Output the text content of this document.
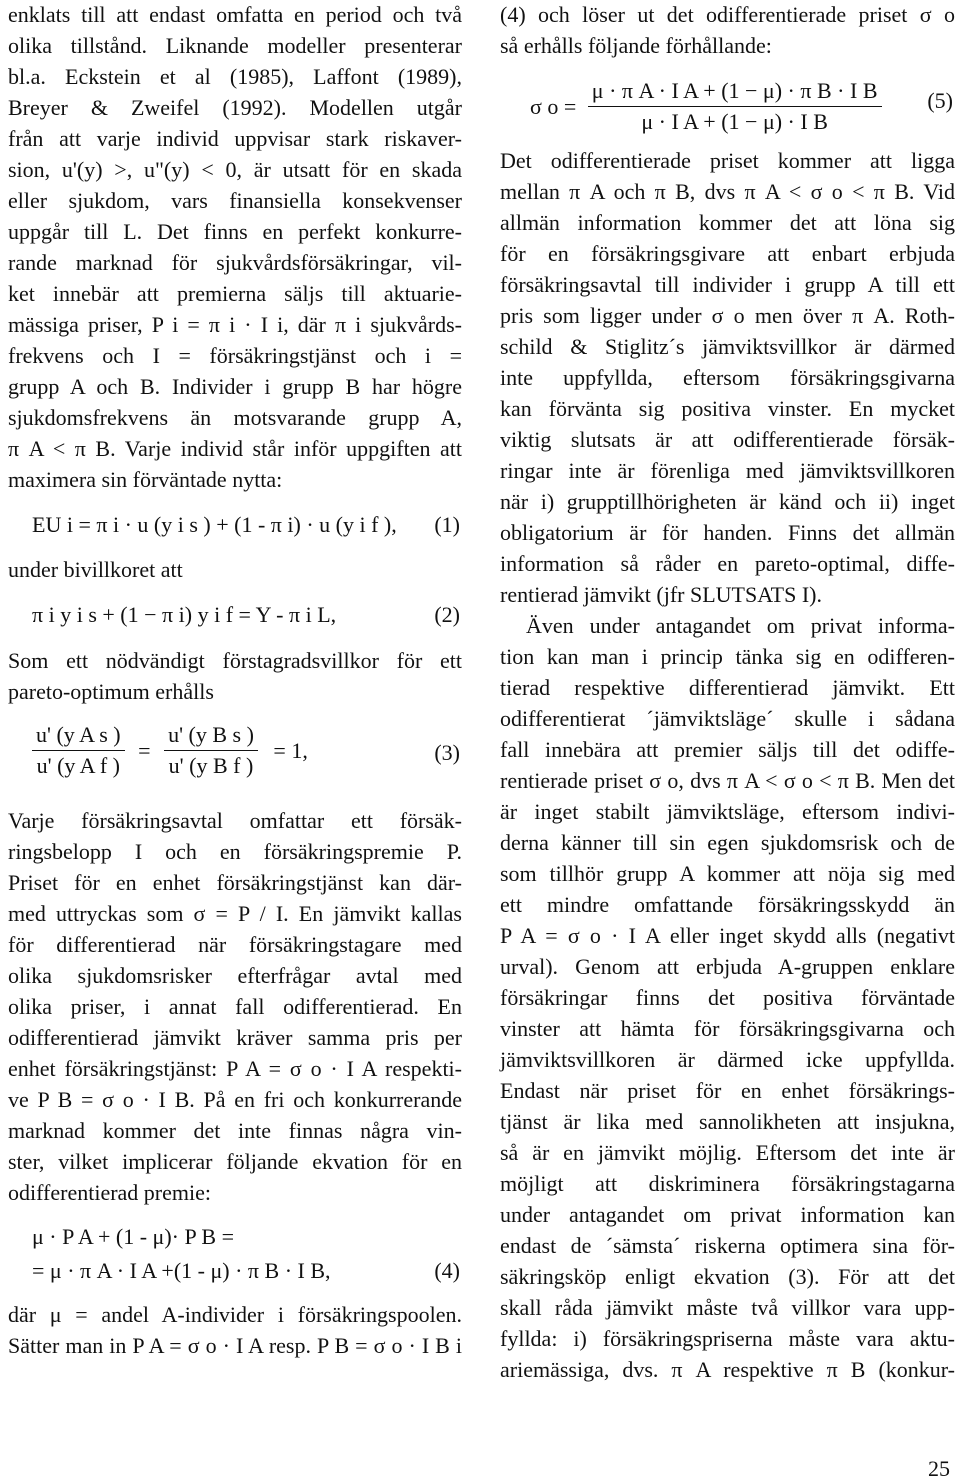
enklats till att endast omfatta en period och två
olika tillstånd. Liknande modeller presenterar
bl.a. Eckstein et al (1985), Laffont (1989),
Breyer & Zweifel (1992). Modellen utgår
från att varje individ uppvisar stark riskaver-
sion, u'(y) >, u"(y) < 0, är utsatt för en skada
eller sjukdom, vars finansiella konsekvenser
uppgår till L. Det finns en perfekt konkurre-
rande marknad för sjukvårdsförsäkringar, vil-
ket innebär att premierna säljs till aktuarie-
mässiga priser, P i = π i · I i, där π i sjukvårds-
frekvens och I = försäkringstjänst och i =
grupp A och B. Individer i grupp B har högre
sjukdomsfrekvens än motsvarande grupp A,
π A < π B. Varje individ står inför uppgiften att
maximera sin förväntade nytta:
EU i = π i · u (y i s ) + (1 - π i) · u (y i f ), (1)
under bivillkoret att
π i y i s + (1 − π i) y i f = Y - π i L,	(2)
Som ett nödvändigt förstagradsvillkor för ett
pareto-optimum erhålls
$\frac{\text{u' (y A s )}}{\text{u' (y A f )}} = \frac{\text{u' (y B s )}}{\text{u' (y B f )}} = 1$,	(3)
Varje försäkringsavtal omfattar ett försäk-
ringsbelopp I och en försäkringspremie P.
Priset för en enhet försäkringstjänst kan där-
med uttryckas som σ = P / I. En jämvikt kallas
för differentierad när försäkringstagare med
olika sjukdomsrisker efterfrågar avtal med
olika priser, i annat fall odifferentierad. En
odifferentierad jämvikt kräver samma pris per
enhet försäkringstjänst: P A = σ o · I A respekti-
ve P B = σ o · I B. På en fri och konkurrerande
marknad kommer det inte finnas några vin-
ster, vilket implicerar följande ekvation för en
odifferentierad premie:
μ · P A + (1 - μ)· P B =
= μ · π A · I A +(1 - μ) · π B · I B,	(4)
där μ = andel A-individer i försäkringspoolen.
Sätter man in P A = σ o · I A resp. P B = σ o · I B i
(4) och löser ut det odifferentierade priset σ o
så erhålls följande förhållande:
σ $o = \frac{\text{μ · π A · I A + (1 − μ) · π B · I B}}{\text{μ · I A + (1 − μ) · I B}} (5)$
Det odifferentierade priset kommer att ligga
mellan π A och π B, dvs π A < σ o < π B. Vid
allmän information kommer det att löna sig
för en försäkringsgivare att enbart erbjuda
försäkringsavtal till individer i grupp A till ett
pris som ligger under σ o men över π A. Roth-
schild & Stiglitz´s jämviktsvillkor är därmed
inte uppfyllda, eftersom försäkringsgivarna
kan förvänta sig positiva vinster. En mycket
viktig slutsats är att odifferentierade försäk-
ringar inte är förenliga med jämviktsvillkoren
när i) grupptillhörigheten är känd och ii) inget
obligatorium är för handen. Finns det allmän
information så råder en pareto-optimal, diffe-
rentierad jämvikt (jfr SLUTSATS I).
Även under antagandet om privat informa-
tion kan man i princip tänka sig en odifferen-
tierad respektive differentierad jämvikt. Ett
odifferentierat ´jämviktsläge´ skulle i sådana
fall innebära att premier säljs till det odiffe-
rentierade priset σ o, dvs π A < σ o < π B. Men det
är inget stabilt jämviktsläge, eftersom indivi-
derna känner till sin egen sjukdomsrisk och de
som tillhör grupp A kommer att nöja sig med
ett mindre omfattande försäkringsskydd än
P A = σ o · I A eller inget skydd alls (negativt
urval). Genom att erbjuda A-gruppen enklare
försäkringar finns det positiva förväntade
vinster att hämta för försäkringsgivarna och
jämviktsvillkoren är därmed icke uppfyllda.
Endast när priset för en enhet försäkrings-
tjänst är lika med sannolikheten att insjukna,
så är en jämvikt möjlig. Eftersom det inte är
möjligt att diskriminera försäkringstagarna
under antagandet om privat information kan
endast de ´sämsta´ riskerna optimera sina för-
säkringsköp enligt ekvation (3). För att det
skall råda jämvikt måste två villkor vara upp-
fyllda: i) försäkringspriserna måste vara aktu-
ariemässiga, dvs. π A respektive π B (konkur-
25
